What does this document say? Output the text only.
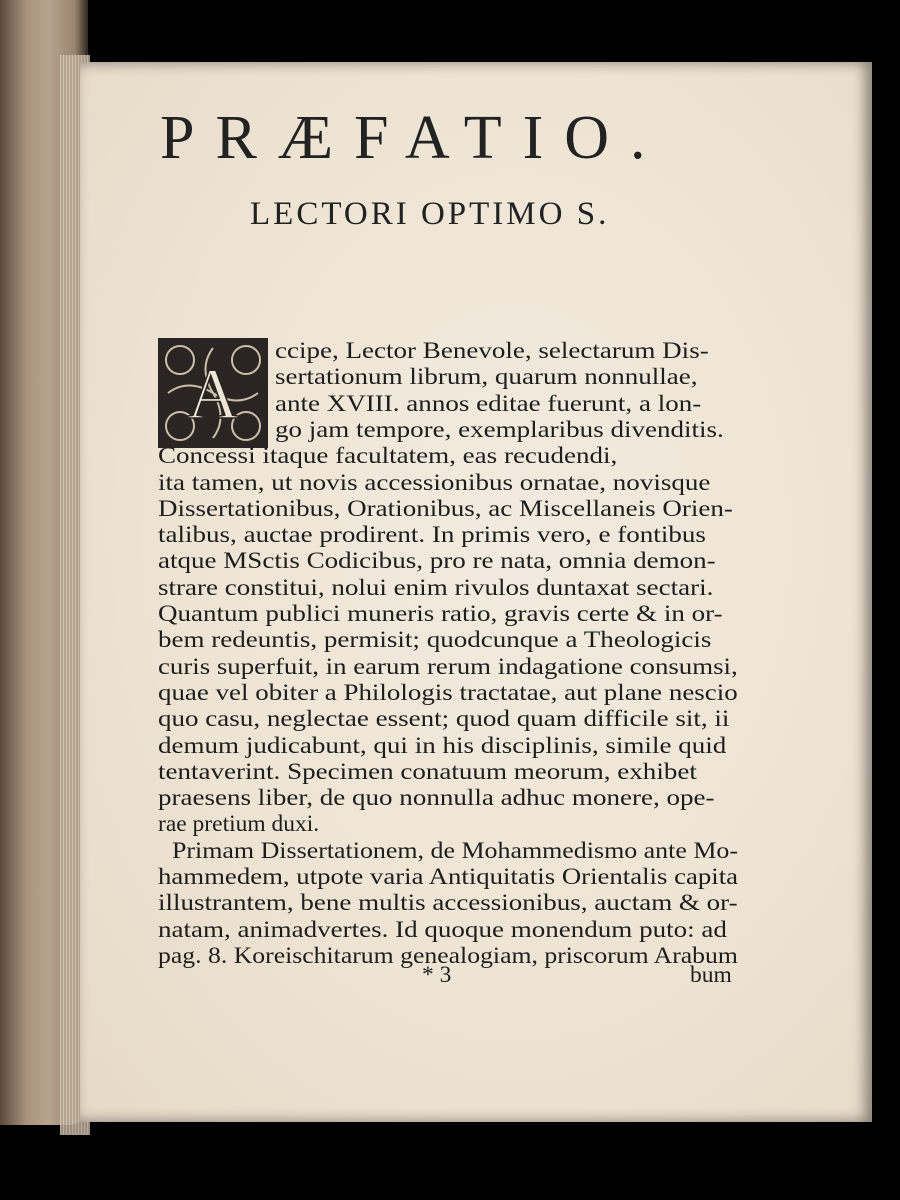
PRÆFATIO.
LECTORI OPTIMO S.
A
ccipe, Lector Benevole, selectarum Dis-
sertationum librum, quarum nonnullae,
ante XVIII. annos editae fuerunt, a lon-
go jam tempore, exemplaribus divenditis.
Concessi itaque facultatem, eas recudendi,
ita tamen, ut novis accessionibus ornatae, novisque
Dissertationibus, Orationibus, ac Miscellaneis Orien-
talibus, auctae prodirent. In primis vero, e fontibus
atque MSctis Codicibus, pro re nata, omnia demon-
strare constitui, nolui enim rivulos duntaxat sectari.
Quantum publici muneris ratio, gravis certe & in or-
bem redeuntis, permisit; quodcunque a Theologicis
curis superfuit, in earum rerum indagatione consumsi,
quae vel obiter a Philologis tractatae, aut plane nescio
quo casu, neglectae essent; quod quam difficile sit, ii
demum judicabunt, qui in his disciplinis, simile quid
tentaverint. Specimen conatuum meorum, exhibet
praesens liber, de quo nonnulla adhuc monere, ope-
rae pretium duxi.
Primam Dissertationem, de Mohammedismo ante Mo-
hammedem, utpote varia Antiquitatis Orientalis capita
illustrantem, bene multis accessionibus, auctam & or-
natam, animadvertes. Id quoque monendum puto: ad
pag. 8. Koreischitarum genealogiam, priscorum Arabum
* 3	bum
